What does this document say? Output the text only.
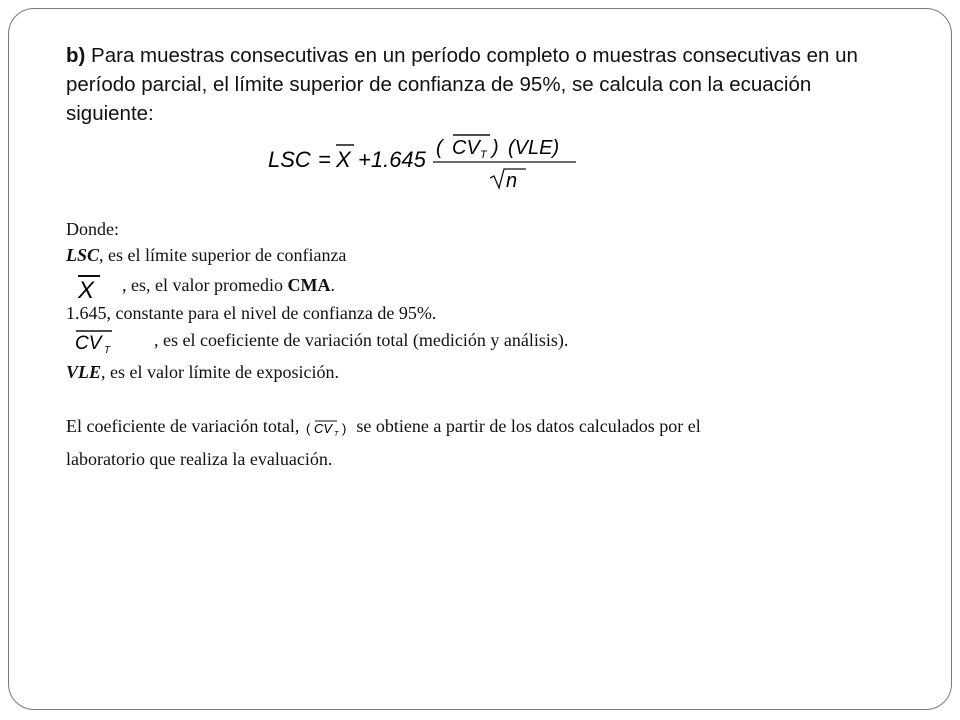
b) Para muestras consecutivas en un período completo o muestras consecutivas en un período parcial, el límite superior de confianza de 95%, se calcula con la ecuación siguiente:
LSC = X +1.645 ( CV T ) (VLE)
n
Donde:
LSC, es el límite superior de confianza
X , es, el valor promedio CMA.
1.645, constante para el nivel de confianza de 95%.
CV T
, es el coeficiente de variación total (medición y análisis).
VLE, es el valor límite de exposición.
El coeficiente de variación total, ( CV T ) se obtiene a partir de los datos calculados por el
laboratorio que realiza la evaluación.
